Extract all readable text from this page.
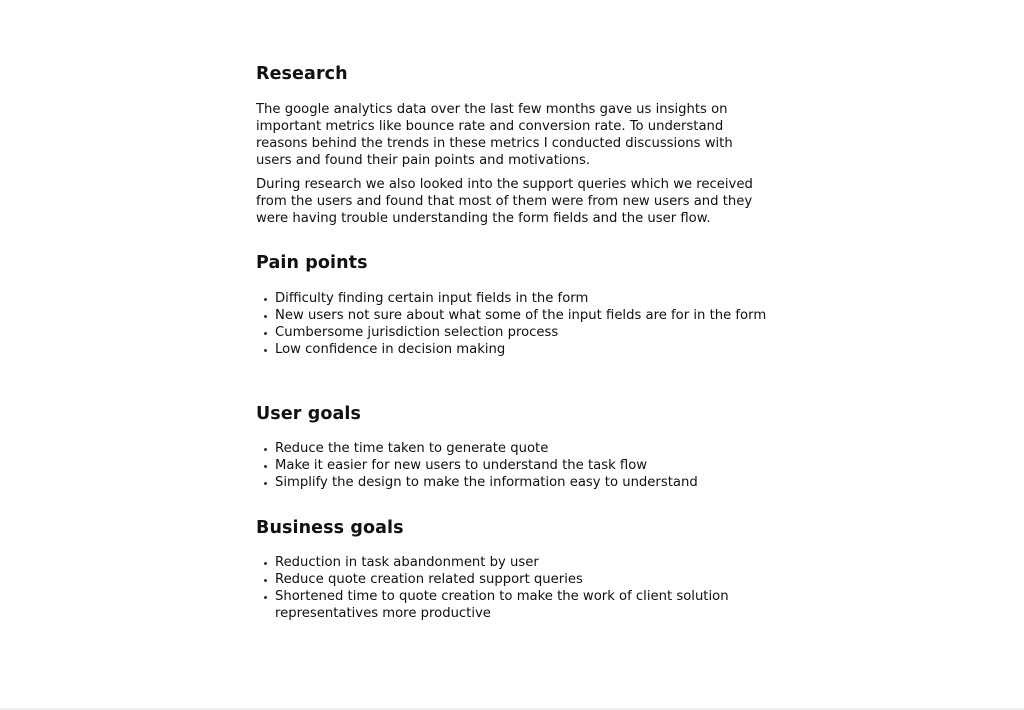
Research

The google analytics data over the last few months gave us insights on important metrics like bounce rate and conversion rate. To understand reasons behind the trends in these metrics I conducted discussions with users and found their pain points and motivations.

During research we also looked into the support queries which we received from the users and found that most of them were from new users and they were having trouble understanding the form fields and the user flow.

Pain points
Difficulty finding certain input fields in the form
New users not sure about what some of the input fields are for in the form
Cumbersome jurisdiction selection process
Low confidence in decision making
User goals
Reduce the time taken to generate quote
Make it easier for new users to understand the task flow
Simplify the design to make the information easy to understand
Business goals
Reduction in task abandonment by user
Reduce quote creation related support queries
Shortened time to quote creation to make the work of client solution representatives more productive
